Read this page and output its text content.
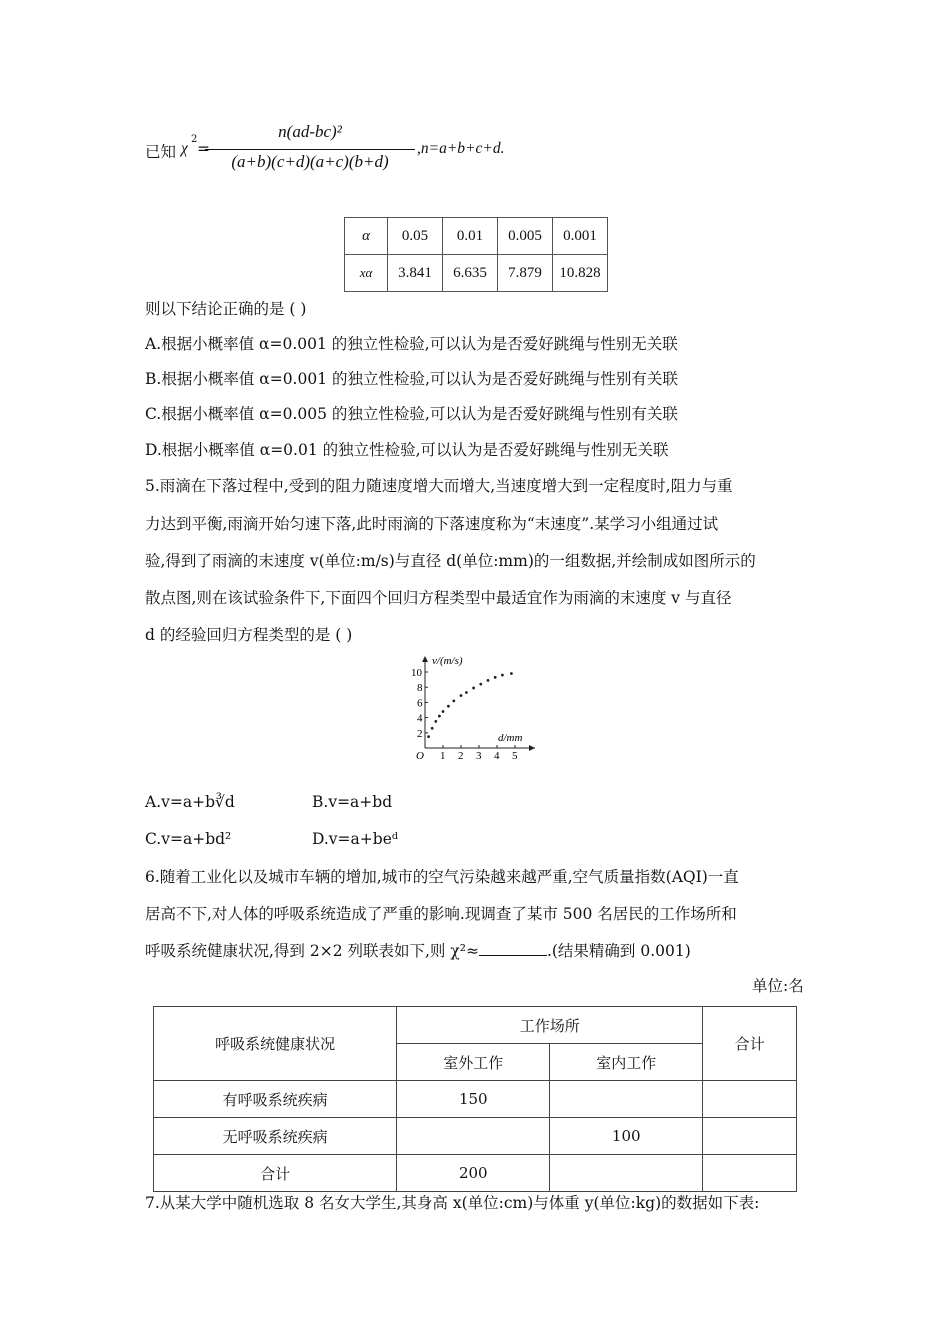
已知 χ
2
=
n(ad-bc)²
(a+b)(c+d)(a+c)(b+d)
,n=a+b+c+d.
α	0.05	0.01	0.005	0.001
xα	3.841	6.635	7.879	10.828
则以下结论正确的是 ( )
A.根据小概率值 α=0.001 的独立性检验,可以认为是否爱好跳绳与性别无关联
B.根据小概率值 α=0.001 的独立性检验,可以认为是否爱好跳绳与性别有关联
C.根据小概率值 α=0.005 的独立性检验,可以认为是否爱好跳绳与性别有关联
D.根据小概率值 α=0.01 的独立性检验,可以认为是否爱好跳绳与性别无关联
5.雨滴在下落过程中,受到的阻力随速度增大而增大,当速度增大到一定程度时,阻力与重
力达到平衡,雨滴开始匀速下落,此时雨滴的下落速度称为“末速度”.某学习小组通过试
验,得到了雨滴的末速度 v(单位:m/s)与直径 d(单位:mm)的一组数据,并绘制成如图所示的
散点图,则在该试验条件下,下面四个回归方程类型中最适宜作为雨滴的末速度 v 与直径
d 的经验回归方程类型的是 ( )
v/(m/s)
d/mm
O 1 2 3 4 5
2
4
6
8
10
A.v=a+b∛d	B.v=a+bd
C.v=a+bd²	D.v=a+beᵈ
6.随着工业化以及城市车辆的增加,城市的空气污染越来越严重,空气质量指数(AQI)一直
居高不下,对人体的呼吸系统造成了严重的影响.现调查了某市 500 名居民的工作场所和
呼吸系统健康状况,得到 2×2 列联表如下,则 χ²≈	.(结果精确到 0.001)
单位:名
呼吸系统健康状况	工作场所		合计
	室外工作	室内工作	
有呼吸系统疾病	150		
无呼吸系统疾病		100	
合计	200		
7.从某大学中随机选取 8 名女大学生,其身高 x(单位:cm)与体重 y(单位:kg)的数据如下表:
